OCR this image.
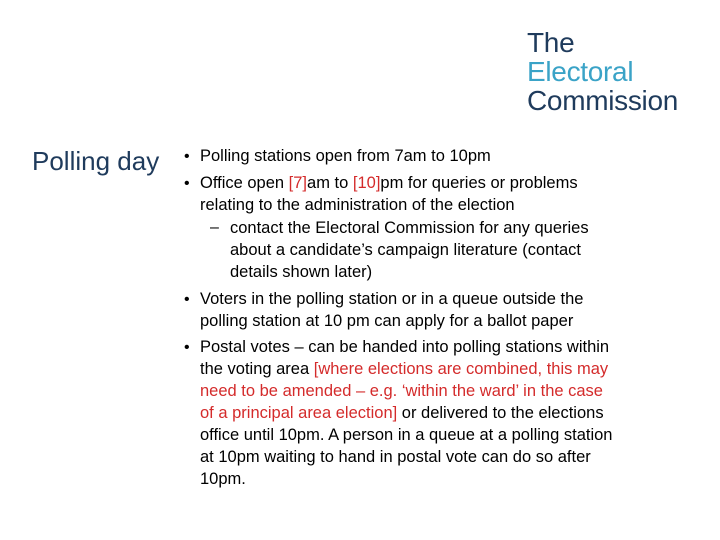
The
Electoral
Commission
Polling day • Polling stations open from 7am to 10pm
• Office open [7]am to [10]pm for queries or problems
relating to the administration of the election
– contact the Electoral Commission for any queries
about a candidate’s campaign literature (contact
details shown later)
• Voters in the polling station or in a queue outside the
polling station at 10 pm can apply for a ballot paper
• Postal votes – can be handed into polling stations within
the voting area [where elections are combined, this may
need to be amended – e.g. ‘within the ward’ in the case
of a principal area election] or delivered to the elections
office until 10pm. A person in a queue at a polling station
at 10pm waiting to hand in postal vote can do so after
10pm.
